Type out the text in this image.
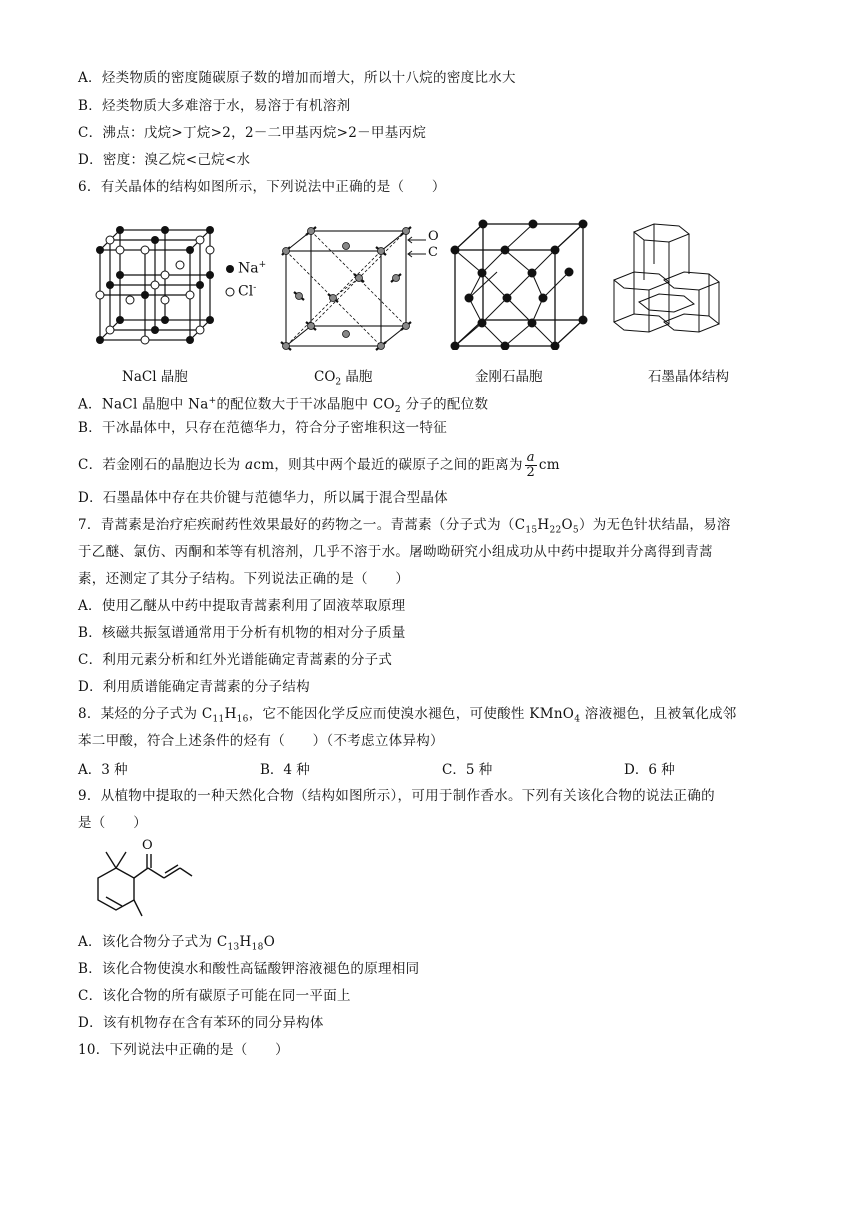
A．烃类物质的密度随碳原子数的增加而增大，所以十八烷的密度比水大
B．烃类物质大多难溶于水，易溶于有机溶剂
C．沸点：戊烷>丁烷>2，2－二甲基丙烷>2－甲基丙烷
D．密度：溴乙烷<己烷<水
6．有关晶体的结构如图所示，下列说法中正确的是（　　）
Na+
Cl-
O
C
NaCl 晶胞	$CO_2$ 晶胞	金刚石晶胞	石墨晶体结构
A．NaCl 晶胞中 Na+的配位数大于干冰晶胞中 $CO_2$ 分子的配位数
B．干冰晶体中，只存在范德华力，符合分子密堆积这一特征
C．若金刚石的晶胞边长为 acm，则其中两个最近的碳原子之间的距离为 $\frac{a}{2}$ cm
D．石墨晶体中存在共价键与范德华力，所以属于混合型晶体
7．青蒿素是治疗疟疾耐药性效果最好的药物之一。青蒿素（分子式为$(C_{15}H_{22}O_5)$为无色针状结晶，易溶
于乙醚、氯仿、丙酮和苯等有机溶剂，几乎不溶于水。屠呦呦研究小组成功从中药中提取并分离得到青蒿
素，还测定了其分子结构。下列说法正确的是（　　）
A．使用乙醚从中药中提取青蒿素利用了固液萃取原理
B．核磁共振氢谱通常用于分析有机物的相对分子质量
C．利用元素分析和红外光谱能确定青蒿素的分子式
D．利用质谱能确定青蒿素的分子结构
8．某烃的分子式为 $C_{11}H_{16}$，它不能因化学反应而使溴水褪色，可使酸性 KMnO$_4$ 溶液褪色，且被氧化成邻
苯二甲酸，符合上述条件的烃有（　　）（不考虑立体异构）
A．3 种	B．4 种	C．5 种	D．6 种
9．从植物中提取的一种天然化合物（结构如图所示），可用于制作香水。下列有关该化合物的说法正确的
是（　　）
O
A．该化合物分子式为 $C_{13}H_{18}O$
B．该化合物使溴水和酸性高锰酸钾溶液褪色的原理相同
C．该化合物的所有碳原子可能在同一平面上
D．该有机物存在含有苯环的同分异构体
10．下列说法中正确的是（　　）
